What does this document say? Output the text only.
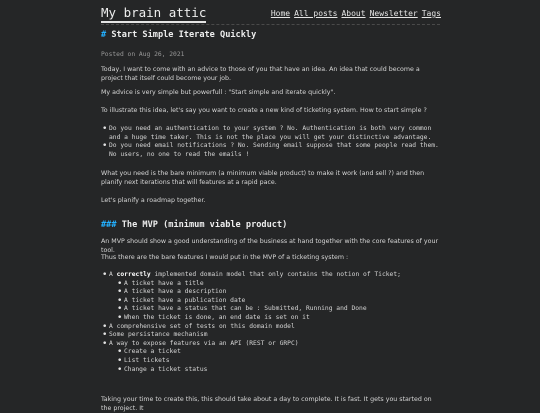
My brain attic	Home All posts About Newsletter Tags
# Start Simple Iterate Quickly
Posted on Aug 26, 2021

Today, I want to come with an advice to those of you that have an idea. An idea that could become a project that itself could become your job.

My advice is very simple but powerfull : "Start simple and iterate quickly".

To illustrate this idea, let's say you want to create a new kind of ticketing system. How to start simple ?

• Do you need an authentication to your system ? No. Authentication is both very common and a huge time taker. This is not the place you will get your distinctive advantage.
• Do you need email notifications ? No. Sending email suppose that some people read them. No users, no one to read the emails !

What you need is the bare minimum (a minimum viable product) to make it work (and sell ?) and then planify next iterations that will features at a rapid pace.

Let's planify a roadmap together.

### The MVP (minimum viable product)

An MVP should show a good understanding of the business at hand together with the core features of your tool.

Thus there are the bare features I would put in the MVP of a ticketing system :

• A correctly implemented domain model that only contains the notion of Ticket;
• A ticket have a title
• A ticket have a description
• A ticket have a publication date
• A ticket have a status that can be : Submitted, Running and Done
• When the ticket is done, an end date is set on it
• A comprehensive set of tests on this domain model
• Some persistance mechanism
• A way to expose features via an API (REST or GRPC)
• Create a ticket
• List tickets
• Change a ticket status

Taking your time to create this, this should take about a day to complete. It is fast. It gets you started on the project. It
